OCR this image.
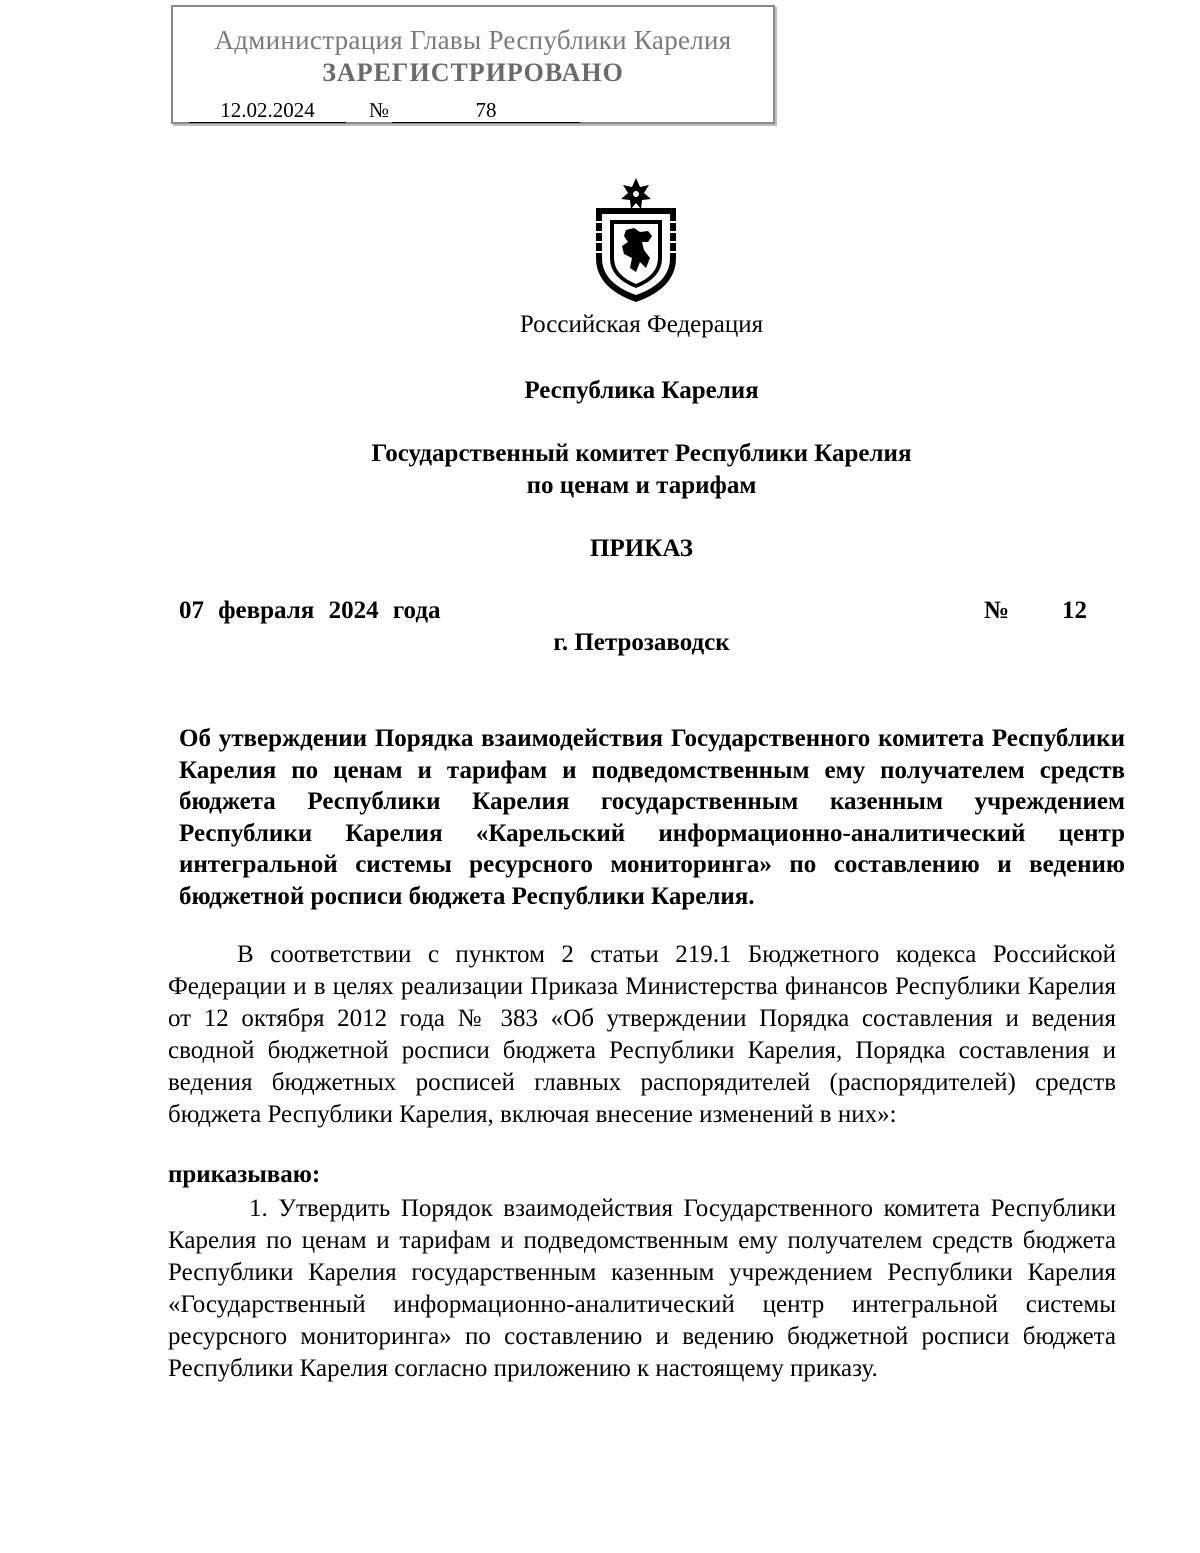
Администрация Главы Республики Карелия
ЗАРЕГИСТРИРОВАНО
12.02.2024	№	78
Российская Федерация
Республика Карелия
Государственный комитет Республики Карелия
по ценам и тарифам
ПРИКАЗ
07 февраля 2024 года	№ 12
г. Петрозаводск
Об утверждении Порядка взаимодействия Государственного комитета Республики Карелия по ценам и тарифам и подведомственным ему получателем средств бюджета Республики Карелия государственным казенным учреждением Республики Карелия «Карельский информационно-аналитический центр интегральной системы ресурсного мониторинга» по составлению и ведению бюджетной росписи бюджета Республики Карелия.
В соответствии с пунктом 2 статьи 219.1 Бюджетного кодекса Российской Федерации и в целях реализации Приказа Министерства финансов Республики Карелия от 12 октября 2012 года № 383 «Об утверждении Порядка составления и ведения сводной бюджетной росписи бюджета Республики Карелия, Порядка составления и ведения бюджетных росписей главных распорядителей (распорядителей) средств бюджета Республики Карелия, включая внесение изменений в них»:
приказываю:
1. Утвердить Порядок взаимодействия Государственного комитета Республики Карелия по ценам и тарифам и подведомственным ему получателем средств бюджета Республики Карелия государственным казенным учреждением Республики Карелия «Государственный информационно-аналитический центр интегральной системы ресурсного мониторинга» по составлению и ведению бюджетной росписи бюджета Республики Карелия согласно приложению к настоящему приказу.
